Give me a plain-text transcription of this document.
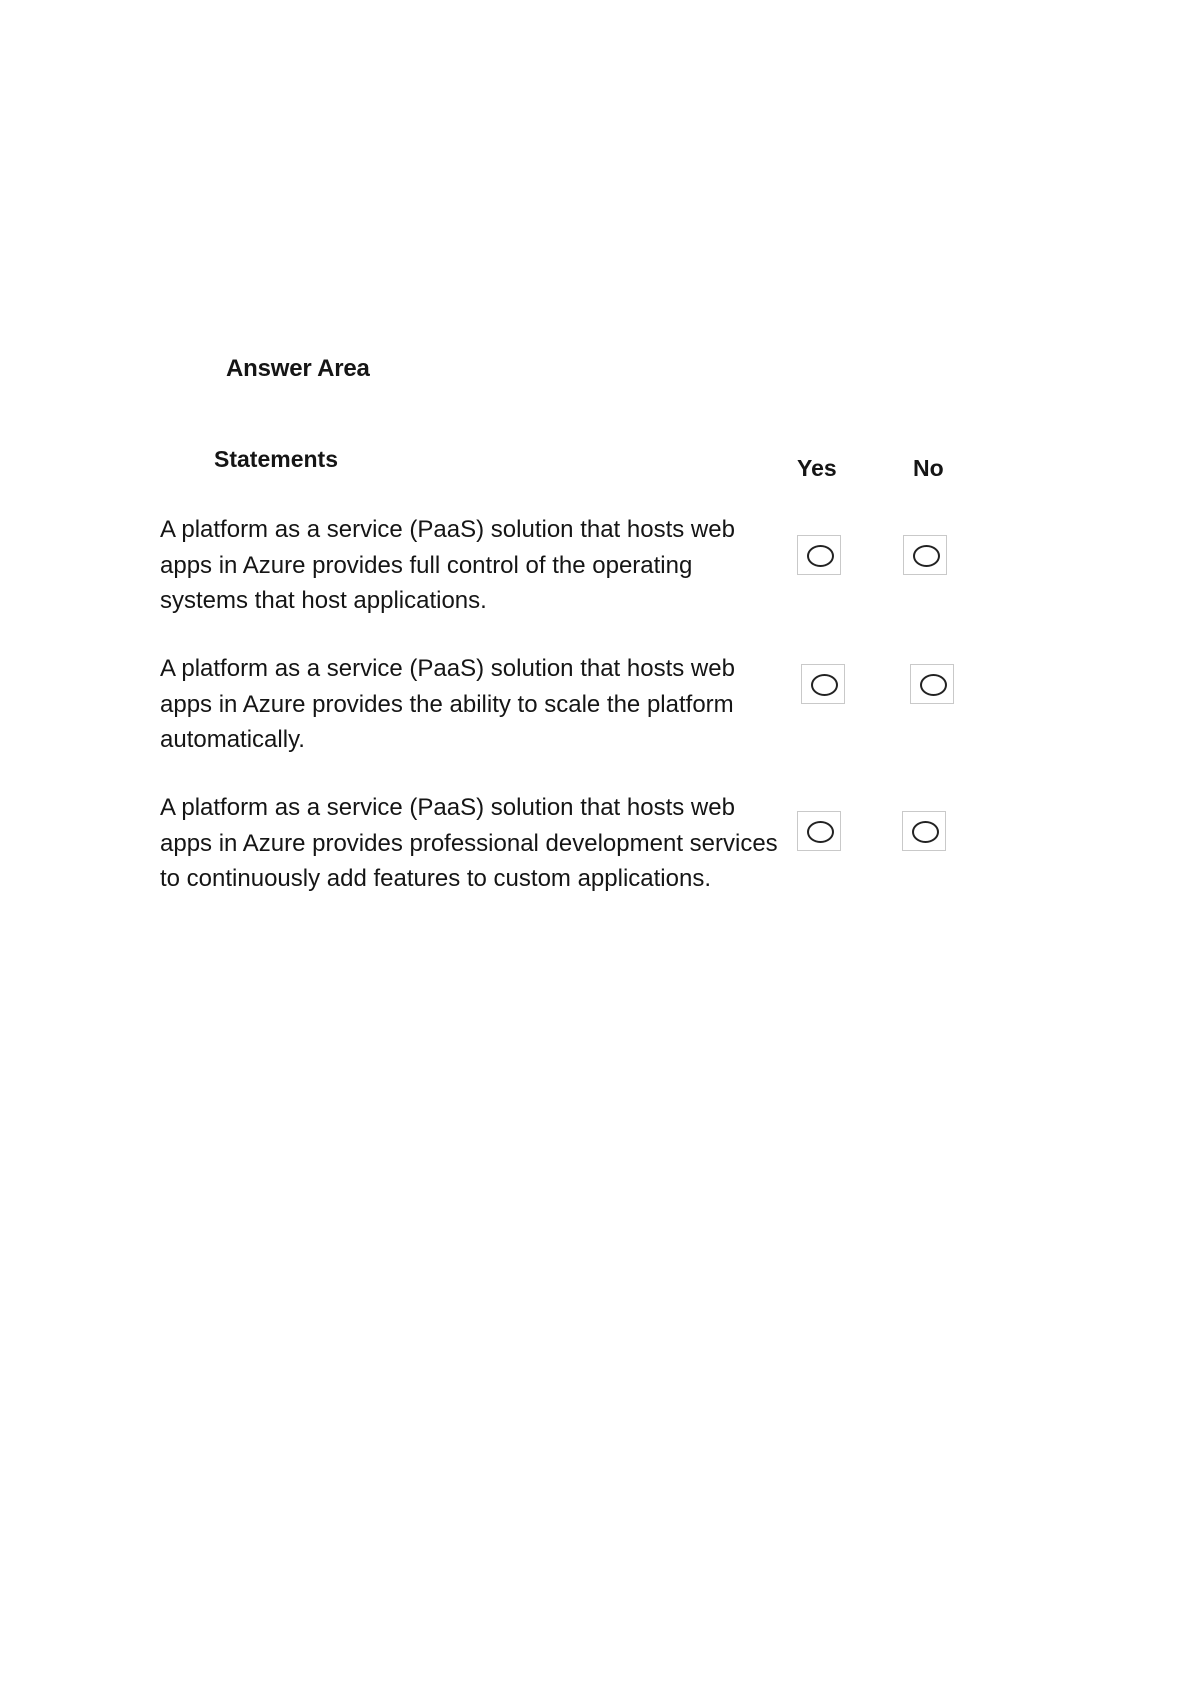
Answer Area
Statements	Yes	No
A platform as a service (PaaS) solution that hosts web apps in Azure provides full control of the operating systems that host applications.
A platform as a service (PaaS) solution that hosts web apps in Azure provides the ability to scale the platform automatically.
A platform as a service (PaaS) solution that hosts web apps in Azure provides professional development services to continuously add features to custom applications.
